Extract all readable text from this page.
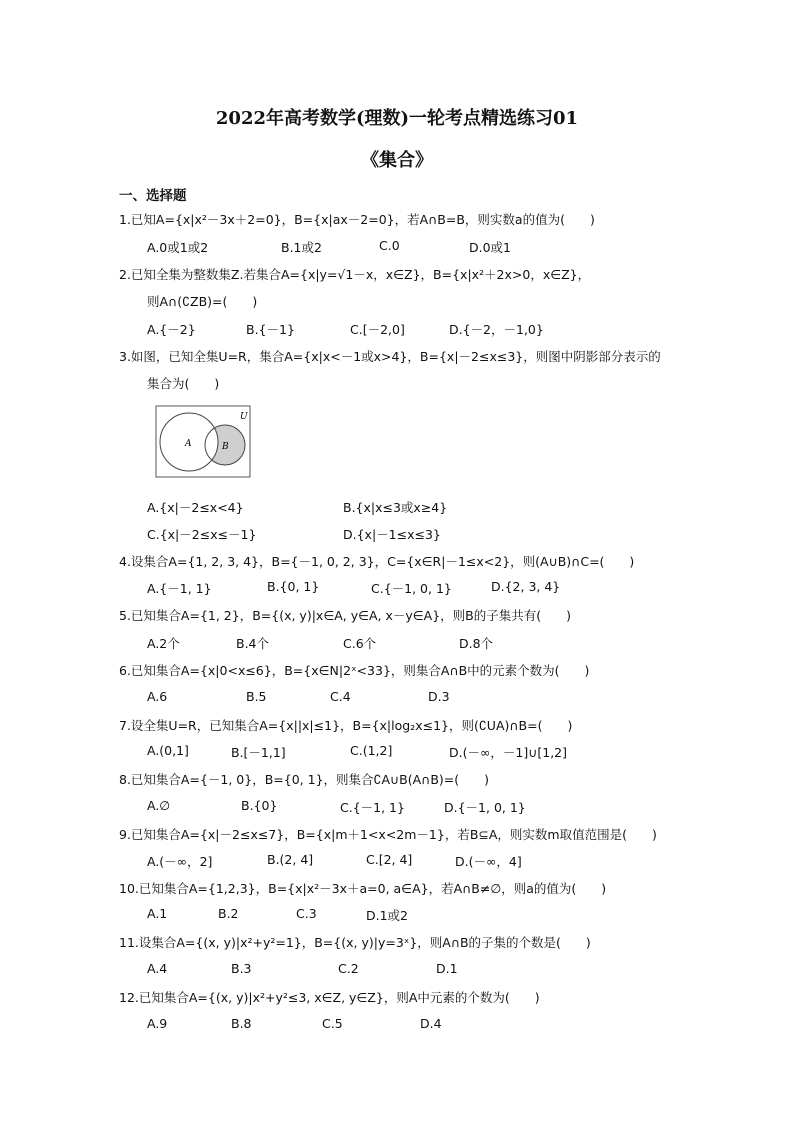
2022年高考数学(理数)一轮考点精选练习01
《集合》
一、选择题
1.已知A={x|x²－3x＋2=0}，B={x|ax－2=0}，若A∩B=B，则实数a的值为(　　)
A.0或1或2	B.1或2	C.0	D.0或1
2.已知全集为整数集Z.若集合A={x|y=√1－x，x∈Z}，B={x|x²＋2x>0，x∈Z}，
则A∩(∁ZB)=(　　)
A.{－2}	B.{－1}	C.[－2,0]	D.{－2，－1,0}
3.如图，已知全集U=R，集合A={x|x<－1或x>4}，B={x|－2≤x≤3}，则图中阴影部分表示的
集合为(　　)
U
A	B
A.{x|－2≤x<4}	B.{x|x≤3或x≥4}
C.{x|－2≤x≤－1}	D.{x|－1≤x≤3}
4.设集合A={1, 2, 3, 4}，B={－1, 0, 2, 3}，C={x∈R|－1≤x<2}，则(A∪B)∩C=(　　)
A.{－1, 1}	B.{0, 1}	C.{－1, 0, 1}	D.{2, 3, 4}
5.已知集合A={1, 2}，B={(x, y)|x∈A, y∈A, x－y∈A}，则B的子集共有(　　)
A.2个	B.4个	C.6个	D.8个
6.已知集合A={x|0<x≤6}，B={x∈N|2ˣ<33}，则集合A∩B中的元素个数为(　　)
A.6	B.5	C.4	D.3
7.设全集U=R，已知集合A={x||x|≤1}，B={x|log₂x≤1}，则(∁UA)∩B=(　　)
A.(0,1]	B.[－1,1]	C.(1,2]	D.(－∞，－1]∪[1,2]
8.已知集合A={－1, 0}，B={0, 1}，则集合∁A∪B(A∩B)=(　　)
A.∅	B.{0}	C.{－1, 1}	D.{－1, 0, 1}
9.已知集合A={x|－2≤x≤7}，B={x|m＋1<x<2m－1}，若B⊆A，则实数m取值范围是(　　)
A.(－∞，2]	B.(2, 4]	C.[2, 4]	D.(－∞，4]
10.已知集合A={1,2,3}，B={x|x²－3x＋a=0, a∈A}，若A∩B≠∅，则a的值为(　　)
A.1	B.2	C.3	D.1或2
11.设集合A={(x, y)|x²+y²=1}，B={(x, y)|y=3ˣ}，则A∩B的子集的个数是(　　)
A.4	B.3	C.2	D.1
12.已知集合A={(x, y)|x²+y²≤3, x∈Z, y∈Z}，则A中元素的个数为(　　)
A.9	B.8	C.5	D.4
